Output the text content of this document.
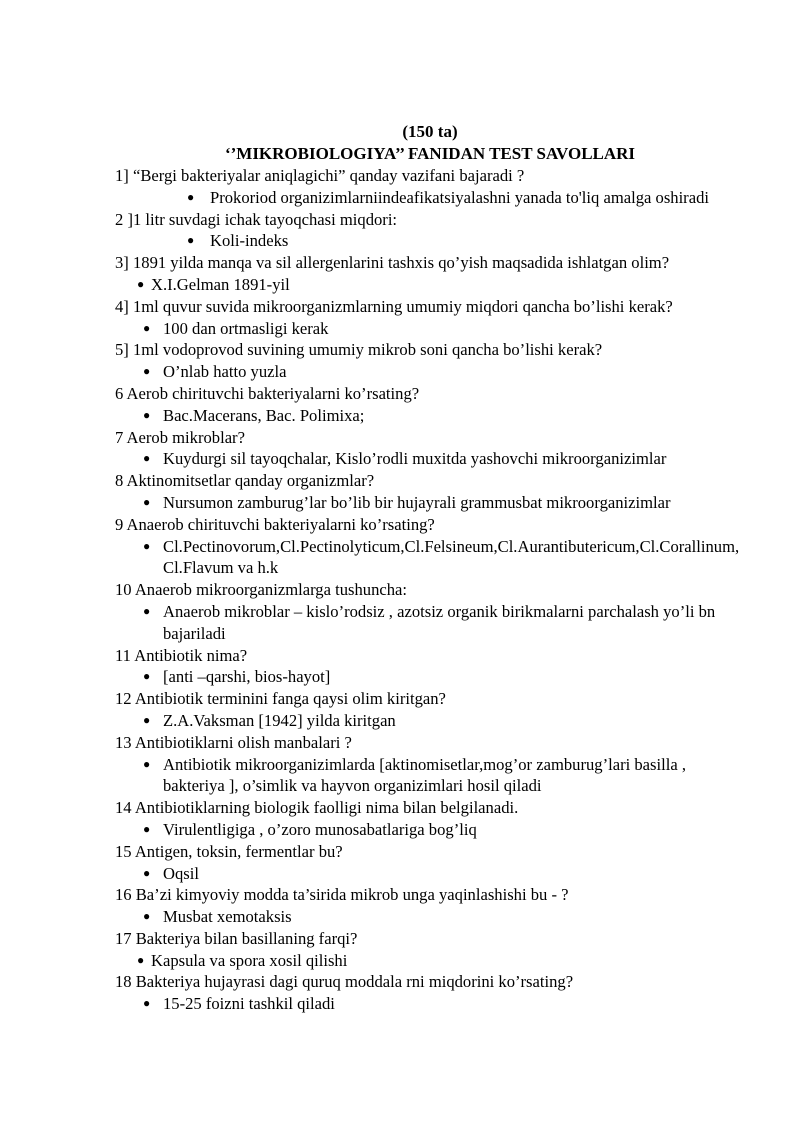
(150 ta)
‘’MIKROBIOLOGIYA’’ FANIDAN TEST SAVOLLARI

1] “Bergi bakteriyalar aniqlagichi” qanday vazifani bajaradi ?

● Prokoriod organizimlarniindeafikatsiyalashni yanada to'liq amalga oshiradi

2 ]1 litr suvdagi ichak tayoqchasi miqdori:

● Koli-indeks

3] 1891 yilda manqa va sil allergenlarini tashxis qo’yish maqsadida ishlatgan olim?

● X.I.Gelman 1891-yil

4] 1ml quvur suvida mikroorganizmlarning umumiy miqdori qancha bo’lishi kerak?

● 100 dan ortmasligi kerak

5] 1ml vodoprovod suvining umumiy mikrob soni qancha bo’lishi kerak?

● O’nlab hatto yuzla

6 Aerob chirituvchi bakteriyalarni ko’rsating?

● Bac.Macerans, Bac. Polimixa;

7 Aerob mikroblar?

● Kuydurgi sil tayoqchalar, Kislo’rodli muxitda yashovchi mikroorganizimlar

8 Aktinomitsetlar qanday organizmlar?

● Nursumon zamburug’lar bo’lib bir hujayrali grammusbat mikroorganizimlar

9 Anaerob chirituvchi bakteriyalarni ko’rsating?

● Cl.Pectinovorum,Cl.Pectinolyticum,Cl.Felsineum,Cl.Aurantibutericum,Cl.Corallinum,Cl.Flavum va h.k

10 Anaerob mikroorganizmlarga tushuncha:

● Anaerob mikroblar – kislo’rodsiz , azotsiz organik birikmalarni parchalash yo’li bn bajariladi

11 Antibiotik nima?

● [anti –qarshi, bios-hayot]

12 Antibiotik terminini fanga qaysi olim kiritgan?

● Z.A.Vaksman [1942] yilda kiritgan

13 Antibiotiklarni olish manbalari ?

● Antibiotik mikroorganizimlarda [aktinomisetlar,mog’or zamburug’lari basilla , bakteriya ], o’simlik va hayvon organizimlari hosil qiladi

14 Antibiotiklarning biologik faolligi nima bilan belgilanadi.

● Virulentligiga , o’zoro munosabatlariga bog’liq

15 Antigen, toksin, fermentlar bu?

● Oqsil

16 Ba’zi kimyoviy modda ta’sirida mikrob unga yaqinlashishi bu - ?

● Musbat xemotaksis

17 Bakteriya bilan basillaning farqi?

● Kapsula va spora xosil qilishi

18 Bakteriya hujayrasi dagi quruq moddala rni miqdorini ko’rsating?

● 15-25 foizni tashkil qiladi
